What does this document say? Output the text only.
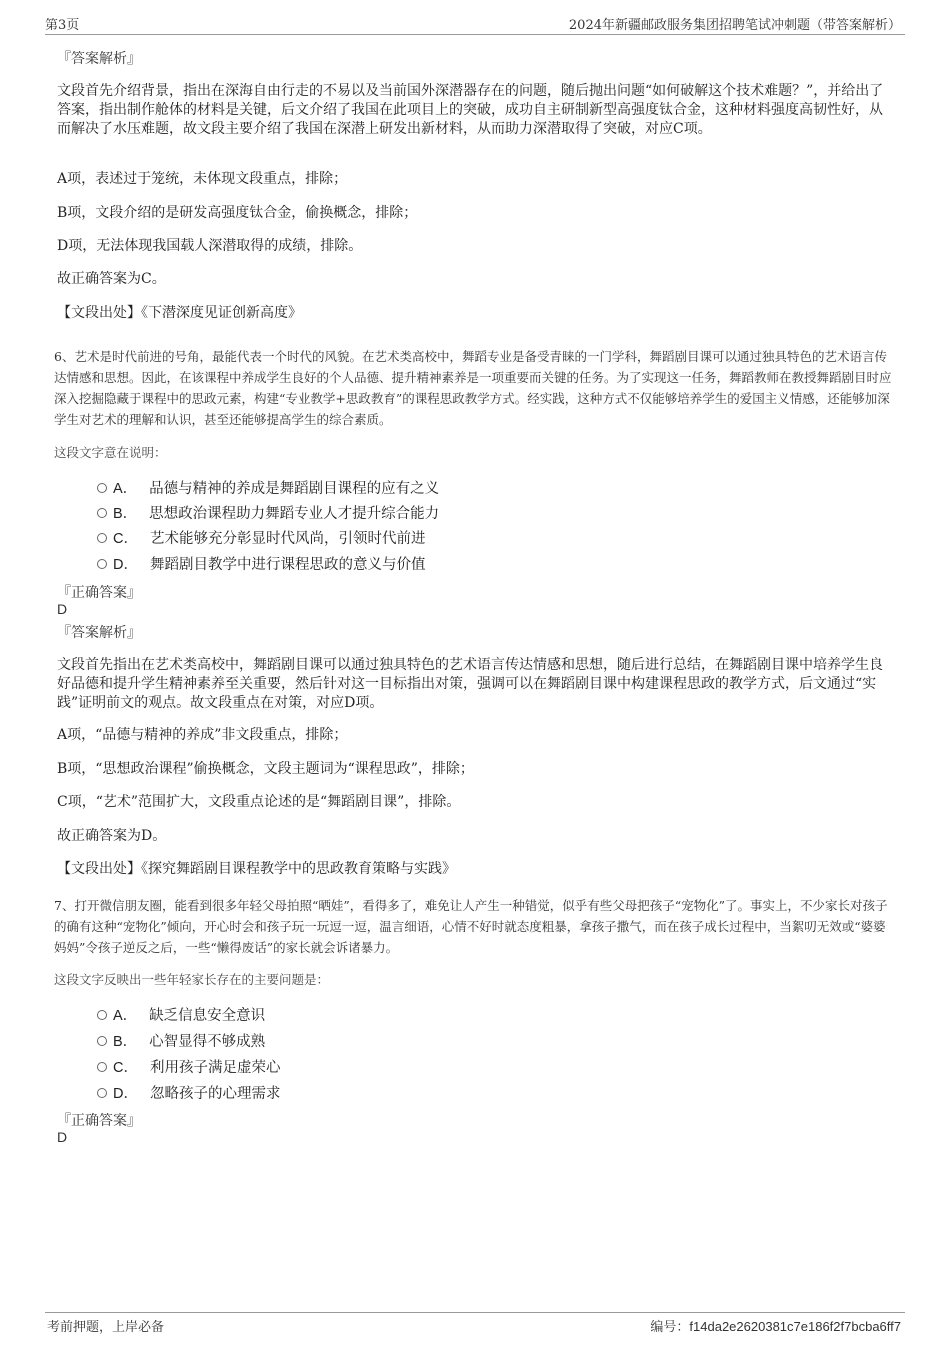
第3页	2024年新疆邮政服务集团招聘笔试冲刺题（带答案解析）
『答案解析』
文段首先介绍背景，指出在深海自由行走的不易以及当前国外深潜器存在的问题，随后抛出问题“如何破解这个技术难题？”，并给出了答案，指出制作舱体的材料是关键，后文介绍了我国在此项目上的突破，成功自主研制新型高强度钛合金，这种材料强度高韧性好，从而解决了水压难题，故文段主要介绍了我国在深潜上研发出新材料，从而助力深潜取得了突破，对应C项。
A项，表述过于笼统，未体现文段重点，排除；
B项，文段介绍的是研发高强度钛合金，偷换概念，排除；
D项，无法体现我国载人深潜取得的成绩，排除。
故正确答案为C。
【文段出处】《下潜深度见证创新高度》
6、艺术是时代前进的号角，最能代表一个时代的风貌。在艺术类高校中，舞蹈专业是备受青睐的一门学科，舞蹈剧目课可以通过独具特色的艺术语言传达情感和思想。因此，在该课程中养成学生良好的个人品德、提升精神素养是一项重要而关键的任务。为了实现这一任务，舞蹈教师在教授舞蹈剧目时应深入挖掘隐藏于课程中的思政元素，构建“专业教学+思政教育”的课程思政教学方式。经实践，这种方式不仅能够培养学生的爱国主义情感，还能够加深学生对艺术的理解和认识，甚至还能够提高学生的综合素质。
这段文字意在说明：
A． 品德与精神的养成是舞蹈剧目课程的应有之义
B． 思想政治课程助力舞蹈专业人才提升综合能力
C． 艺术能够充分彰显时代风尚，引领时代前进
D． 舞蹈剧目教学中进行课程思政的意义与价值
『正确答案』
D
『答案解析』
文段首先指出在艺术类高校中，舞蹈剧目课可以通过独具特色的艺术语言传达情感和思想，随后进行总结，在舞蹈剧目课中培养学生良好品德和提升学生精神素养至关重要，然后针对这一目标指出对策，强调可以在舞蹈剧目课中构建课程思政的教学方式，后文通过“实践”证明前文的观点。故文段重点在对策，对应D项。
A项，“品德与精神的养成”非文段重点，排除；
B项，“思想政治课程”偷换概念，文段主题词为“课程思政”，排除；
C项，“艺术”范围扩大，文段重点论述的是“舞蹈剧目课”，排除。
故正确答案为D。
【文段出处】《探究舞蹈剧目课程教学中的思政教育策略与实践》
7、打开微信朋友圈，能看到很多年轻父母拍照“晒娃”，看得多了，难免让人产生一种错觉，似乎有些父母把孩子“宠物化”了。事实上，不少家长对孩子的确有这种“宠物化”倾向，开心时会和孩子玩一玩逗一逗，温言细语，心情不好时就态度粗暴，拿孩子撒气，而在孩子成长过程中，当絮叨无效或“婆婆妈妈”令孩子逆反之后，一些“懒得废话”的家长就会诉诸暴力。
这段文字反映出一些年轻家长存在的主要问题是：
A． 缺乏信息安全意识
B． 心智显得不够成熟
C． 利用孩子满足虚荣心
D． 忽略孩子的心理需求
『正确答案』
D
考前押题，上岸必备	编号：f14da2e2620381c7e186f2f7bcba6ff7
